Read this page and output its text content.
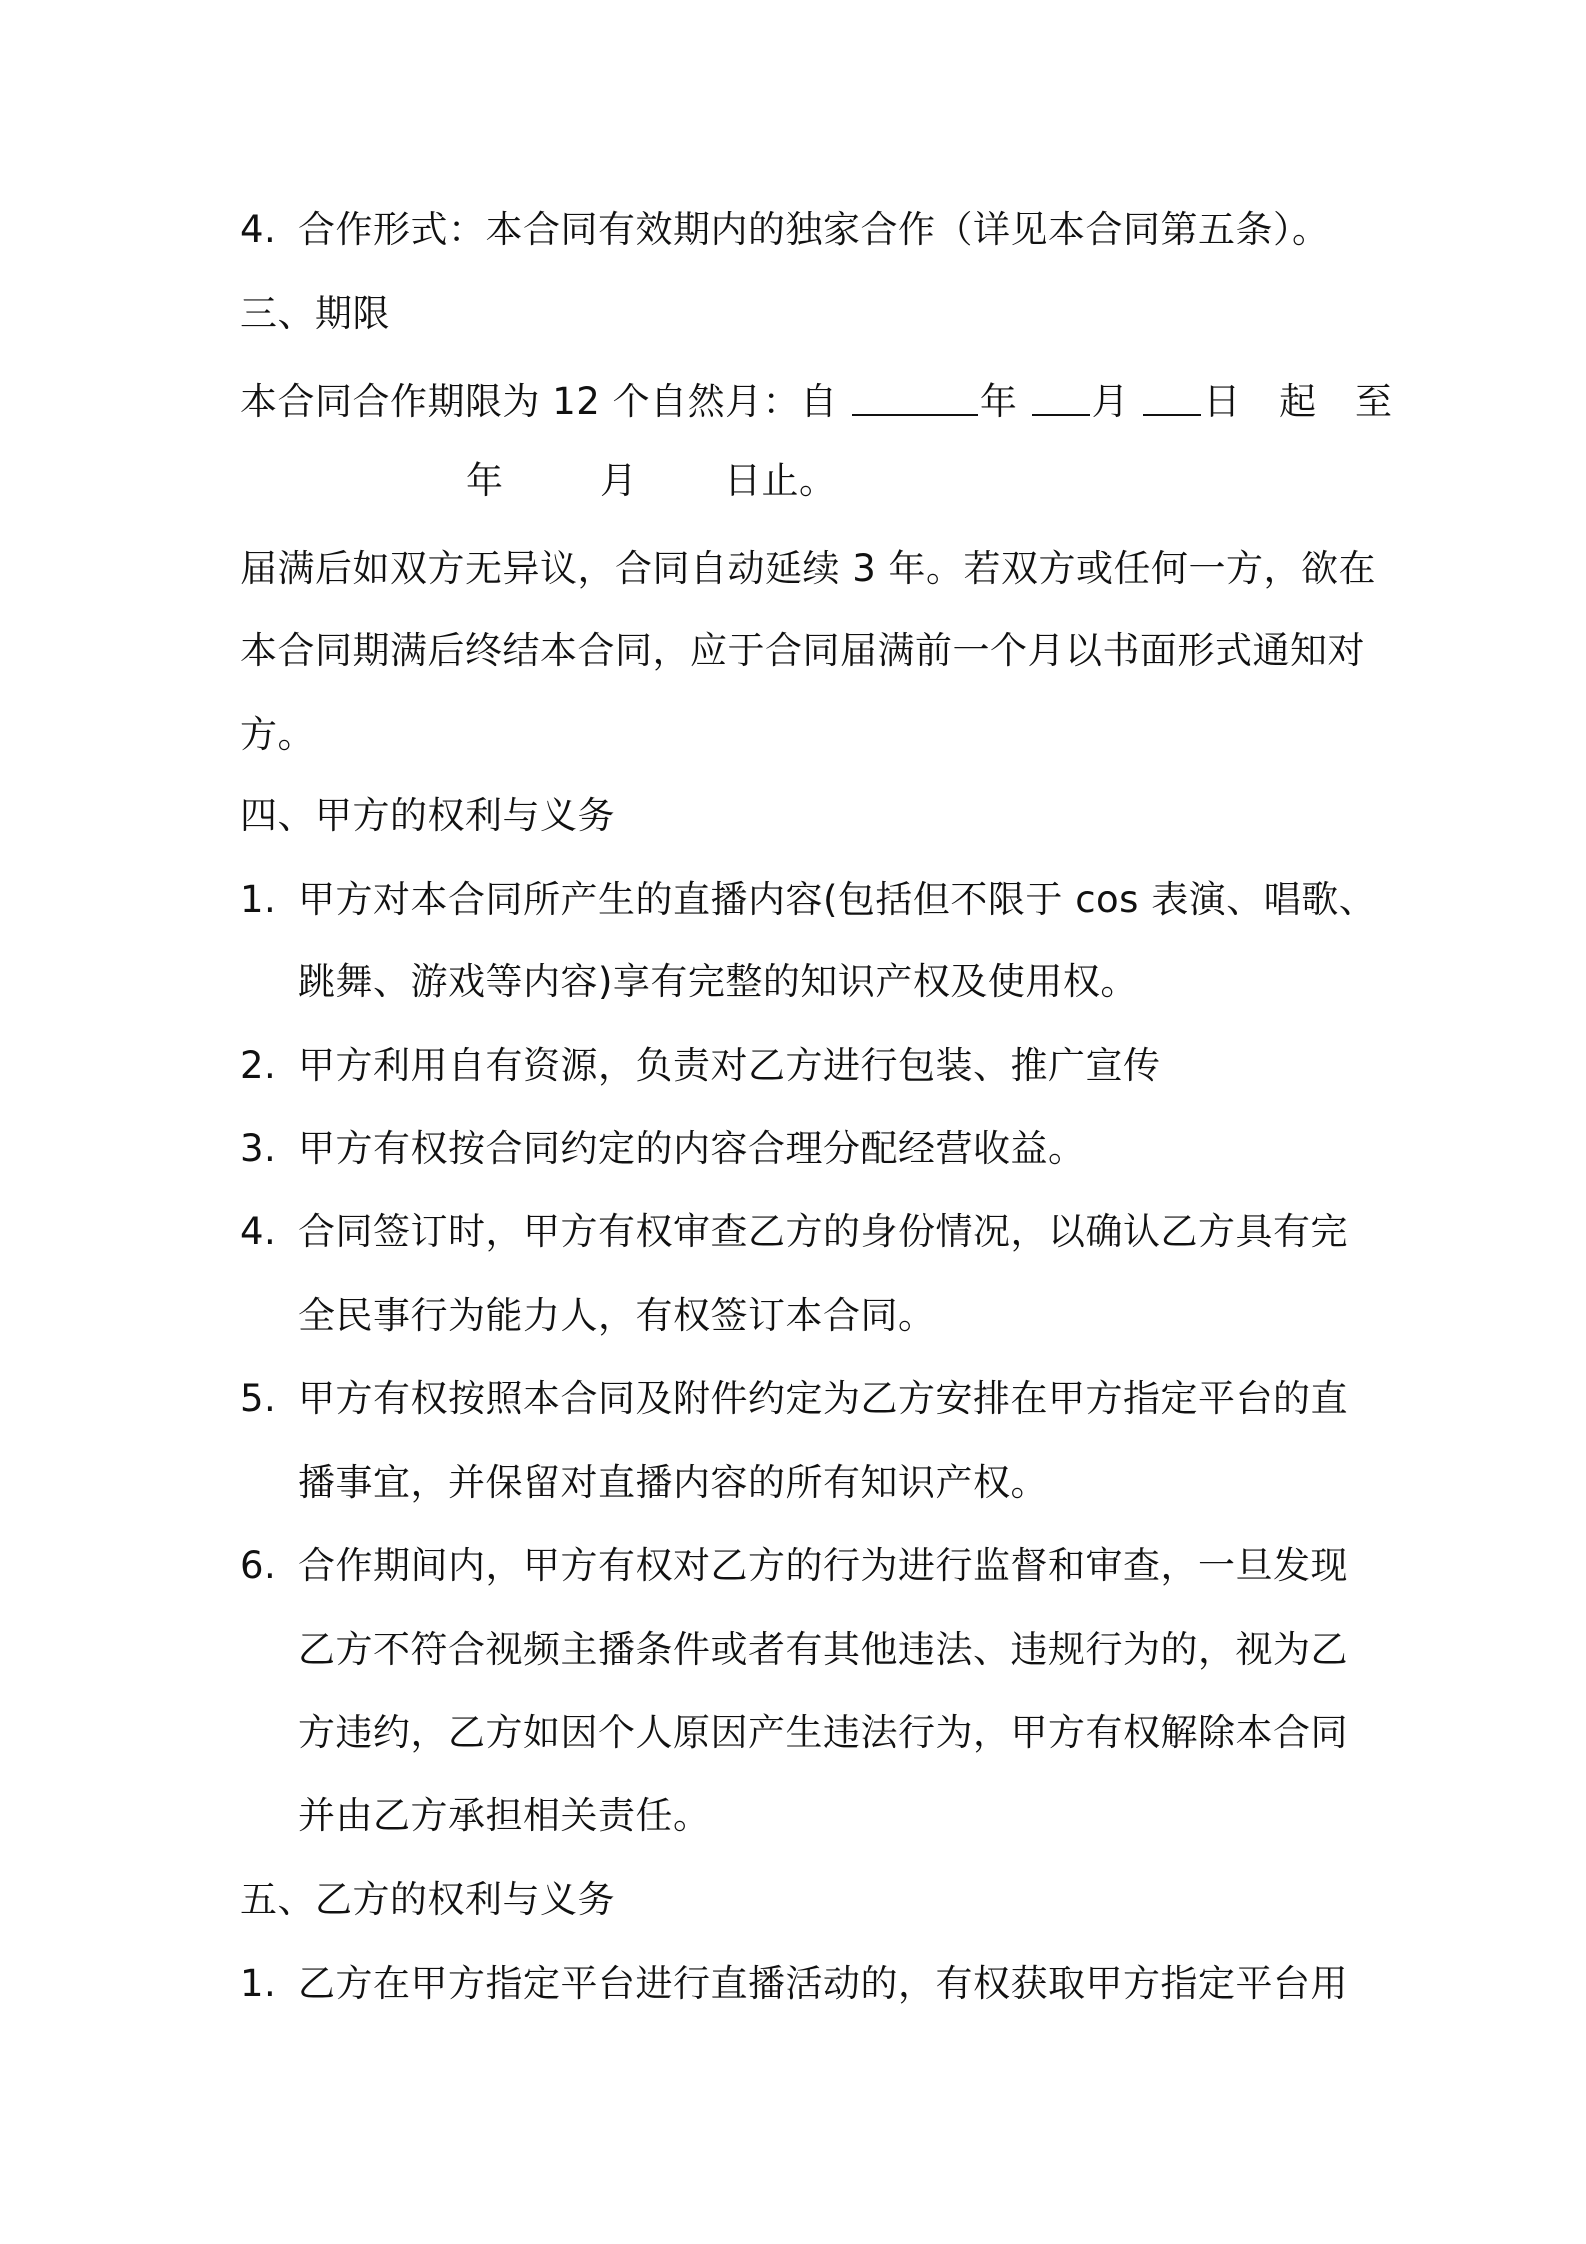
4. 合作形式：本合同有效期内的独家合作（详见本合同第五条）。
三、期限
本合同合作期限为 12 个自然月：自	年 月 日 起 至
年	月 日止。
届满后如双方无异议，合同自动延续 3 年。若双方或任何一方，欲在
本合同期满后终结本合同，应于合同届满前一个月以书面形式通知对
方。
四、甲方的权利与义务
1. 甲方对本合同所产生的直播内容(包括但不限于 cos 表演、唱歌、
跳舞、游戏等内容)享有完整的知识产权及使用权。
2. 甲方利用自有资源，负责对乙方进行包装、推广宣传
3. 甲方有权按合同约定的内容合理分配经营收益。
4. 合同签订时，甲方有权审查乙方的身份情况，以确认乙方具有完
全民事行为能力人，有权签订本合同。
5. 甲方有权按照本合同及附件约定为乙方安排在甲方指定平台的直
播事宜，并保留对直播内容的所有知识产权。
6. 合作期间内，甲方有权对乙方的行为进行监督和审查，一旦发现
乙方不符合视频主播条件或者有其他违法、违规行为的，视为乙
方违约，乙方如因个人原因产生违法行为，甲方有权解除本合同
并由乙方承担相关责任。
五、乙方的权利与义务
1. 乙方在甲方指定平台进行直播活动的，有权获取甲方指定平台用
